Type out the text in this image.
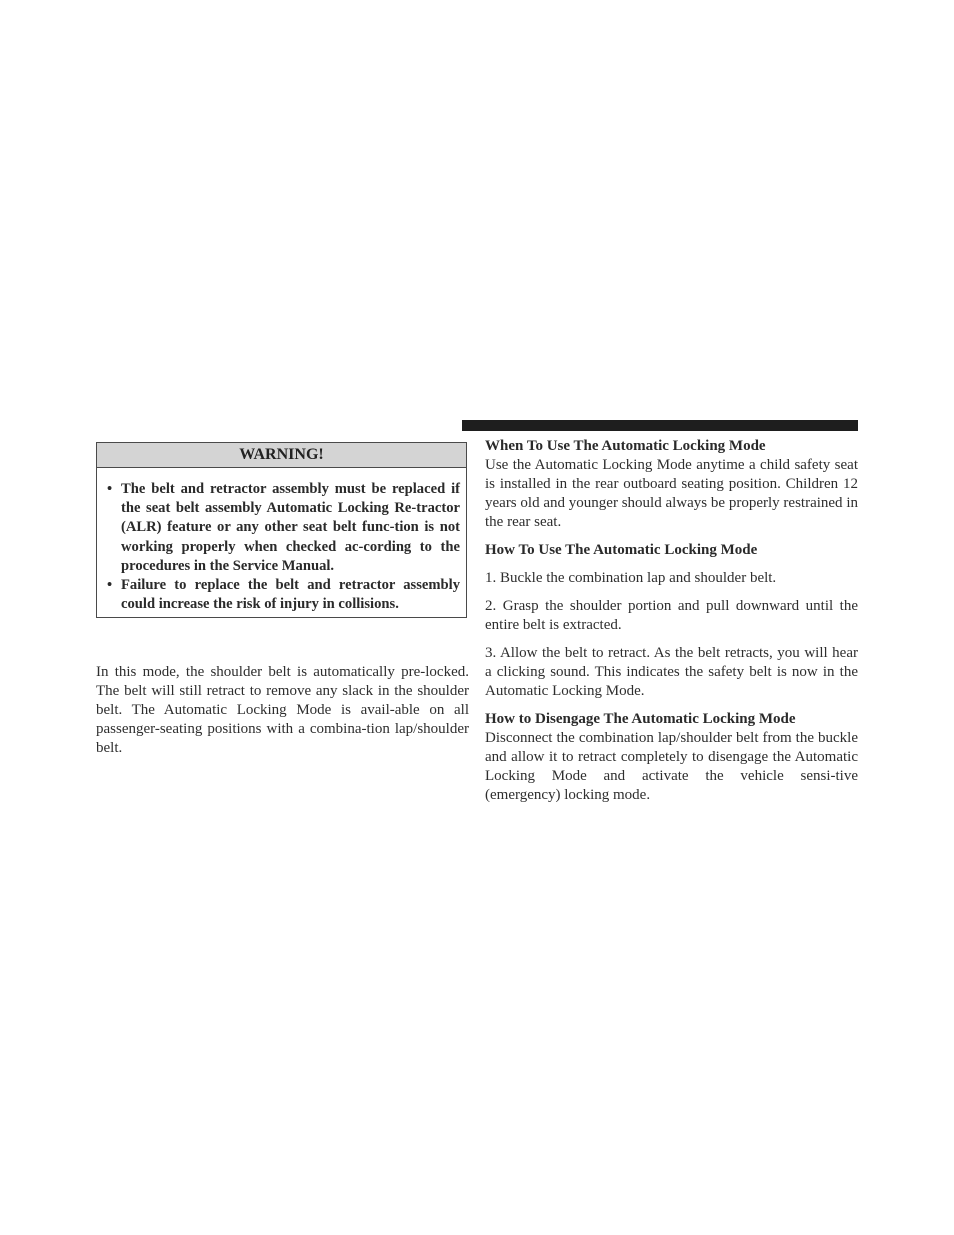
WARNING!
• The belt and retractor assembly must be replaced if the seat belt assembly Automatic Locking Re-tractor (ALR) feature or any other seat belt func-tion is not working properly when checked ac-cording to the procedures in the Service Manual.
• Failure to replace the belt and retractor assembly could increase the risk of injury in collisions.

In this mode, the shoulder belt is automatically pre-locked. The belt will still retract to remove any slack in the shoulder belt. The Automatic Locking Mode is avail-able on all passenger-seating positions with a combina-tion lap/shoulder belt.

When To Use The Automatic Locking Mode

Use the Automatic Locking Mode anytime a child safety seat is installed in the rear outboard seating position. Children 12 years old and younger should always be properly restrained in the rear seat.

How To Use The Automatic Locking Mode

1. Buckle the combination lap and shoulder belt.

2. Grasp the shoulder portion and pull downward until the entire belt is extracted.

3. Allow the belt to retract. As the belt retracts, you will hear a clicking sound. This indicates the safety belt is now in the Automatic Locking Mode.

How to Disengage The Automatic Locking Mode

Disconnect the combination lap/shoulder belt from the buckle and allow it to retract completely to disengage the Automatic Locking Mode and activate the vehicle sensi-tive (emergency) locking mode.
